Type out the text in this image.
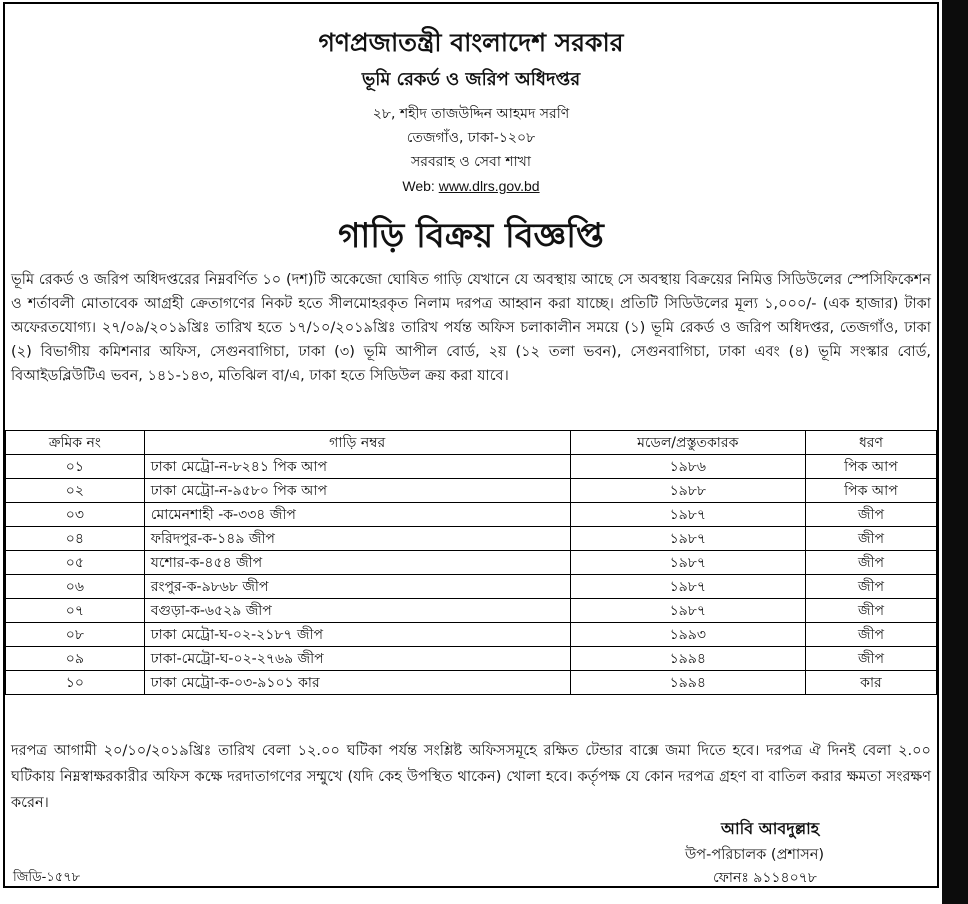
গণপ্রজাতন্ত্রী বাংলাদেশ সরকার
ভূমি রেকর্ড ও জরিপ অধিদপ্তর
২৮, শহীদ তাজউদ্দিন আহমদ সরণি
তেজগাঁও, ঢাকা-১২০৮
সরবরাহ ও সেবা শাখা
Web: www.dlrs.gov.bd
গাড়ি বিক্রয় বিজ্ঞপ্তি
ভূমি রেকর্ড ও জরিপ অধিদপ্তরের নিম্নবর্ণিত ১০ (দশ)টি অকেজো ঘোষিত গাড়ি যেখানে যে অবস্থায় আছে সে অবস্থায় বিক্রয়ের নিমিত্ত সিডিউলের স্পেসিফিকেশন ও শর্তাবলী মোতাবেক আগ্রহী ক্রেতাগণের নিকট হতে সীলমোহরকৃত নিলাম দরপত্র আহ্বান করা যাচ্ছে। প্রতিটি সিডিউলের মূল্য ১,০০০/- (এক হাজার) টাকা অফেরতযোগ্য। ২৭/০৯/২০১৯খ্রিঃ তারিখ হতে ১৭/১০/২০১৯খ্রিঃ তারিখ পর্যন্ত অফিস চলাকালীন সময়ে (১) ভূমি রেকর্ড ও জরিপ অধিদপ্তর, তেজগাঁও, ঢাকা (২) বিভাগীয় কমিশনার অফিস, সেগুনবাগিচা, ঢাকা (৩) ভূমি আপীল বোর্ড, ২য় (১২ তলা ভবন), সেগুনবাগিচা, ঢাকা এবং (৪) ভূমি সংস্কার বোর্ড, বিআইডব্লিউটিএ ভবন, ১৪১-১৪৩, মতিঝিল বা/এ, ঢাকা হতে সিডিউল ক্রয় করা যাবে।
ক্রমিক নং	গাড়ি নম্বর	মডেল/প্রস্তুতকারক	ধরণ
০১	ঢাকা মেট্রো-ন-৮২৪১ পিক আপ	১৯৮৬	পিক আপ
০২	ঢাকা মেট্রো-ন-৯৫৮০ পিক আপ	১৯৮৮	পিক আপ
০৩	মোমেনশাহী -ক-৩৩৪ জীপ	১৯৮৭	জীপ
০৪	ফরিদপুর-ক-১৪৯ জীপ	১৯৮৭	জীপ
০৫	যশোর-ক-৪৫৪ জীপ	১৯৮৭	জীপ
০৬	রংপুর-ক-৯৮৬৮ জীপ	১৯৮৭	জীপ
০৭	বগুড়া-ক-৬৫২৯ জীপ	১৯৮৭	জীপ
০৮	ঢাকা মেট্রো-ঘ-০২-২১৮৭ জীপ	১৯৯৩	জীপ
০৯	ঢাকা-মেট্রো-ঘ-০২-২৭৬৯ জীপ	১৯৯৪	জীপ
১০	ঢাকা মেট্রো-ক-০৩-৯১০১ কার	১৯৯৪	কার
দরপত্র আগামী ২০/১০/২০১৯খ্রিঃ তারিখ বেলা ১২.০০ ঘটিকা পর্যন্ত সংশ্লিষ্ট অফিসসমূহে রক্ষিত টেন্ডার বাক্সে জমা দিতে হবে। দরপত্র ঐ দিনই বেলা ২.০০ ঘটিকায় নিম্নস্বাক্ষরকারীর অফিস কক্ষে দরদাতাগণের সম্মুখে (যদি কেহ উপস্থিত থাকেন) খোলা হবে। কর্তৃপক্ষ যে কোন দরপত্র গ্রহণ বা বাতিল করার ক্ষমতা সংরক্ষণ করেন।
আবি আবদুল্লাহ
উপ-পরিচালক (প্রশাসন)
ফোনঃ ৯১১৪০৭৮
জিডি-১৫৭৮
